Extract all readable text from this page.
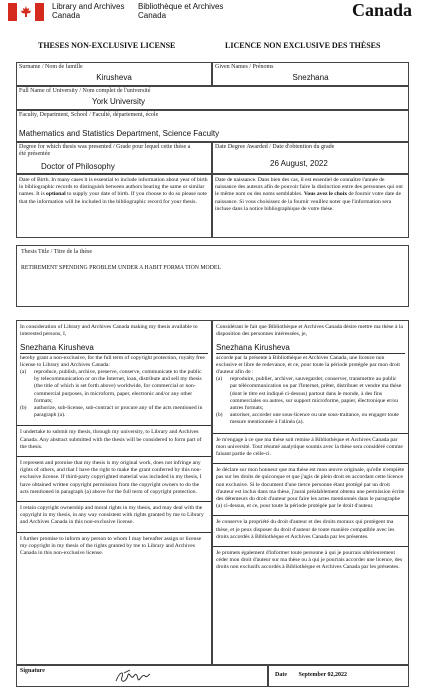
Library and Archives
Canada
Bibliothèque et Archives
Canada	Canada
THESES NON-EXCLUSIVE LICENSE	LICENCE NON EXCLUSIVE DES THÈSES
Surname / Nom de famille
Kirusheva
Given Names / Prénoms
Snezhana
Full Name of University / Nom complet de l'université
York University
Faculty, Department, School / Faculté, département, école
Mathematics and Statistics Department, Science Faculty
Degree for which thesis was presented / Grade pour lequel cette thèse a été présentée
Doctor of Philosophy
Date Degree Awarded / Date d'obtention du grade
26 August, 2022
Date of Birth. In many cases it is essential to include information about year of birth in bibliographic records to distinguish between authors bearing the same or similar names. It is optional to supply your date of birth. If you choose to do so please note that the information will be included in the bibliographic record for your thesis.
Date de naissance. Dans bien des cas, il est essentiel de connaître l'année de naissance des auteurs afin de pouvoir faire la distinction entre des personnes qui ont le même nom ou des noms semblables. Vous avez le choix de fournir votre date de naissance. Si vous choisissez de la fournir veuillez noter que l'information sera incluse dans la notice bibliographique de votre thèse.
Thesis Title / Titre de la thèse
RETIREMENT SPENDING PROBLEM UNDER A HABIT FORMA TION MODEL
In consideration of Library and Archives Canada making my thesis available to interested persons, I,
Snezhana Kirusheva
hereby grant a non-exclusive, for the full term of copyright protection, royalty free license to Library and Archives Canada:
(a) reproduce, publish, archive, preserve, conserve, communicate to the public by telecommunication or on the Internet, loan, distribute and sell my thesis (the title of which is set forth above) worldwide, for commercial or non-commercial purposes, in microform, paper, electronic and/or any other formats;
(b) authorize, sub-license, sub-contract or procure any of the acts mentioned in paragraph (a).
I undertake to submit my thesis, through my university, to Library and Archives Canada. Any abstract submitted with the thesis will be considered to form part of the thesis.
I represent and promise that my thesis is my original work, does not infringe any rights of others, and that I have the right to make the grant conferred by this non-exclusive license. If third-party copyrighted material was included in my thesis, I have obtained written copyright permission from the copyright owners to do the acts mentioned in paragraph (a) above for the full term of copyright protection.
I retain copyright ownership and moral rights in my thesis, and may deal with the copyright in my thesis, in any way consistent with rights granted by me to Library and Archives Canada in this non-exclusive license.
I further promise to inform any person to whom I may hereafter assign or license my copyright in my thesis of the rights granted by me to Library and Archives Canada in this non-exclusive license.
Considérant le fait que Bibliothèque et Archives Canada désire mettre ma thèse à la disposition des personnes intéressées, je,
Snezhana Kirusheva
accorde par la présente à Bibliothèque et Archives Canada, une licence non exclusive et libre de redevance, et ce, pour toute la période protégée par mon droit d'auteur afin de :
(a) reproduire, publier, archiver, sauvegarder, conserver, transmettre au public par télécommunication ou par l'Internet, prêter, distribuer et vendre ma thèse (dont le titre est indiqué ci-dessus) partout dans le monde, à des fins commerciales ou autres, sur support microforme, papier, électronique et/ou autres formats;
(b) autoriser, accorder une sous-licence ou une sous-traitance, ou engager toute mesure mentionnée à l'alinéa (a).
Je m'engage à ce que ma thèse soit remise à Bibliothèque et Archives Canada par mon université. Tout résumé analytique soumis avec la thèse sera considéré comme faisant partie de celle-ci.
Je déclare sur mon honneur que ma thèse est mon œuvre originale, qu'elle n'empiète pas sur les droits de quiconque et que j'agis de plein droit en accordant cette licence non exclusive. Si le document d'une tierce personne étant protégé par un droit d'auteur est inclus dans ma thèse, j'aurai préalablement obtenu une permission écrite des détenteurs du droit d'auteur pour faire les actes mentionnés dans le paragraphe (a) ci-dessus, et ce, pour toute la période protégée par le droit d'auteur.
Je conserve la propriété du droit d'auteur et des droits moraux qui protègent ma thèse, et je peux disposer du droit d'auteur de toute manière compatible avec les droits accordés à Bibliothèque et Archives Canada par les présentes.
Je promets également d'informer toute personne à qui je pourrais ultérieurement céder mon droit d'auteur sur ma thèse ou à qui je pourrais accorder une licence, des droits non exclusifs accordés à Bibliothèque et Archives Canada par les présentes.
Signature
Date September 02,2022
